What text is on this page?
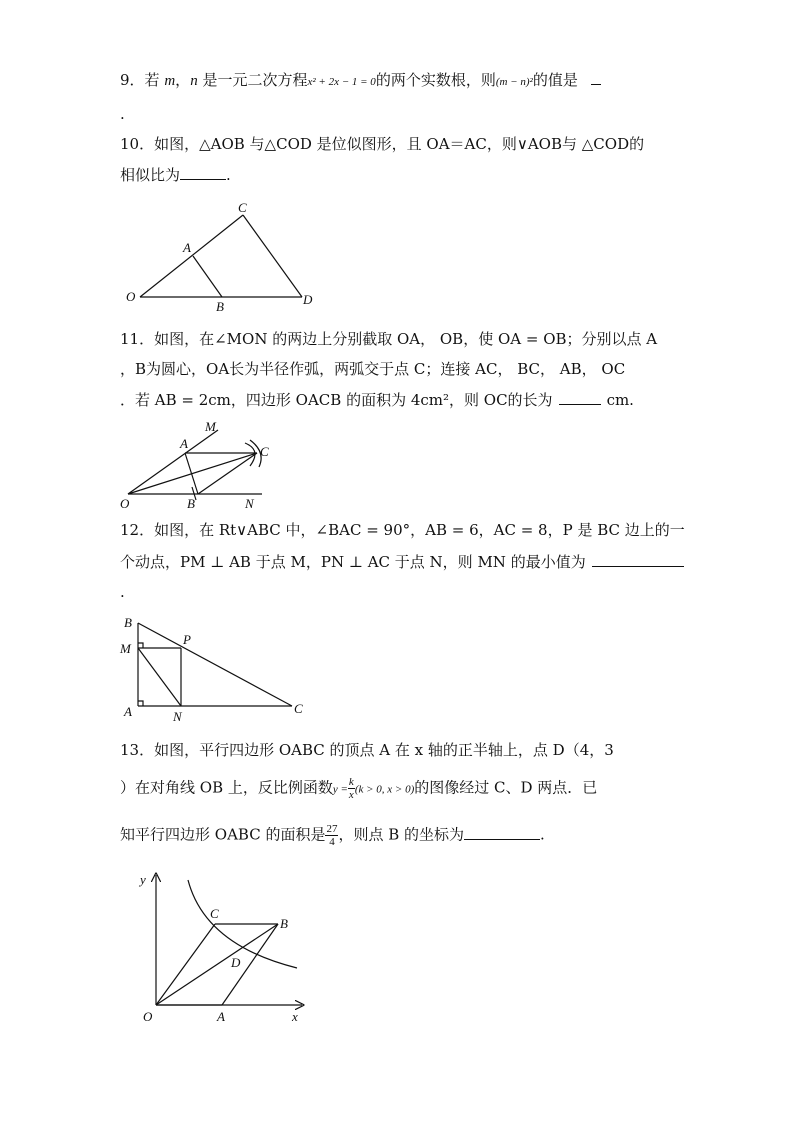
9．若 m，n 是一元二次方程x² + 2x − 1 = 0的两个实数根，则(m − n)²的值是
.
10．如图，△AOB 与△COD 是位似图形，且 OA＝AC，则∨AOB与 △COD的
相似比为	.
C
A
O
B	D
11．如图，在∠MON 的两边上分别截取 OA， OB，使 OA = OB；分别以点 A
，B为圆心，OA长为半径作弧，两弧交于点 C；连接 AC， BC， AB， OC
．若 AB = 2cm，四边形 OACB 的面积为 4cm²，则 OC的长为	cm.
M
A
C
O	B	N
12．如图，在 Rt∨ABC 中，∠BAC = 90°，AB = 6，AC = 8，P 是 BC 边上的一
个动点，PM ⊥ AB 于点 M，PN ⊥ AC 于点 N，则 MN 的最小值为
.
B
P
M
A	N
C
13．如图，平行四边形 OABC 的顶点 A 在 x 轴的正半轴上，点 D（4，3
）在对角线 OB 上，反比例函数$y = \frac{k}{x} (k > 0$, x > 0)的图像经过 C、D 两点．已
知平行四边形 OABC 的面积是 $\frac{27}{4}$ ，则点 B 的坐标为	.
y
C
B
D
O	A	x
